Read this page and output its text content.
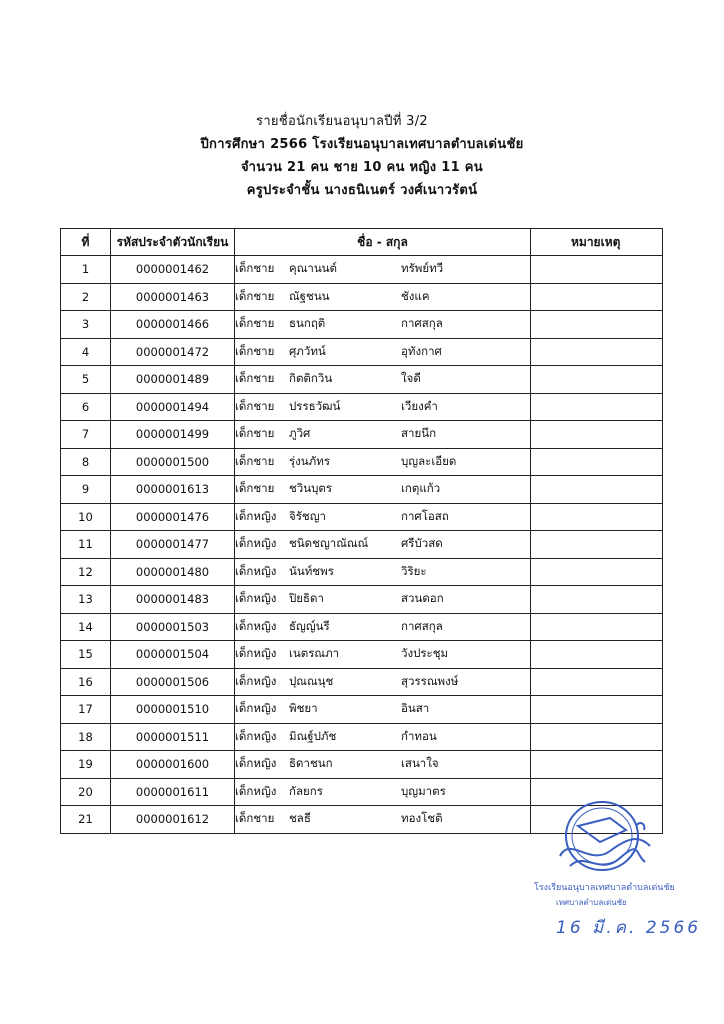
รายชื่อนักเรียนอนุบาลปีที่ 3/2
ปีการศึกษา 2566 โรงเรียนอนุบาลเทศบาลตำบลเด่นชัย
จำนวน 21 คน ชาย 10 คน หญิง 11 คน
ครูประจำชั้น นางธนิเนตร์ วงศ์เนาวรัตน์
ที่	รหัสประจำตัวนักเรียน	ชื่อ - สกุล	หมายเหตุ
1	0000001462	เด็กชาย คุณานนต์ ทรัพย์ทวี	

2	0000001463	เด็กชาย ณัฐชนน ชังแค	

3	0000001466	เด็กชาย ธนกฤติ กาศสกุล	

4	0000001472	เด็กชาย ศุภวัทน์ อุทังกาศ	

5	0000001489	เด็กชาย กิตติกวิน ใจดี	

6	0000001494	เด็กชาย ปรรธวัฒน์ เวียงคำ	

7	0000001499	เด็กชาย ภูวิศ สายนึก	

8	0000001500	เด็กชาย รุ่งนภัทร บุญละเอียด	

9	0000001613	เด็กชาย ชวินบุตร เกตุแก้ว	

10	0000001476	เด็กหญิง จิรัชญา กาศโอสถ	

11	0000001477	เด็กหญิง ชนิดชญาณัณณ์ ศรีบัวสด	

12	0000001480	เด็กหญิง นันท์ชพร วิริยะ	

13	0000001483	เด็กหญิง ปิยธิดา สวนดอก	

14	0000001503	เด็กหญิง ธัญญ์นรี กาศสกุล	

15	0000001504	เด็กหญิง เนตรณภา วังประชุม	

16	0000001506	เด็กหญิง ปุณณนุช สุวรรณพงษ์	

17	0000001510	เด็กหญิง พิชยา อินสา	

18	0000001511	เด็กหญิง มิณฐ์ปภัช กำทอน	

19	0000001600	เด็กหญิง ธิดาชนก เสนาใจ	

20	0000001611	เด็กหญิง กัลยกร บุญมาตร	

21	0000001612	เด็กชาย ชลธี ทองโชติ	

โรงเรียนอนุบาลเทศบาลตำบลเด่นชัย
เทศบาลตำบลเด่นชัย
16 มี.ค. 2566
